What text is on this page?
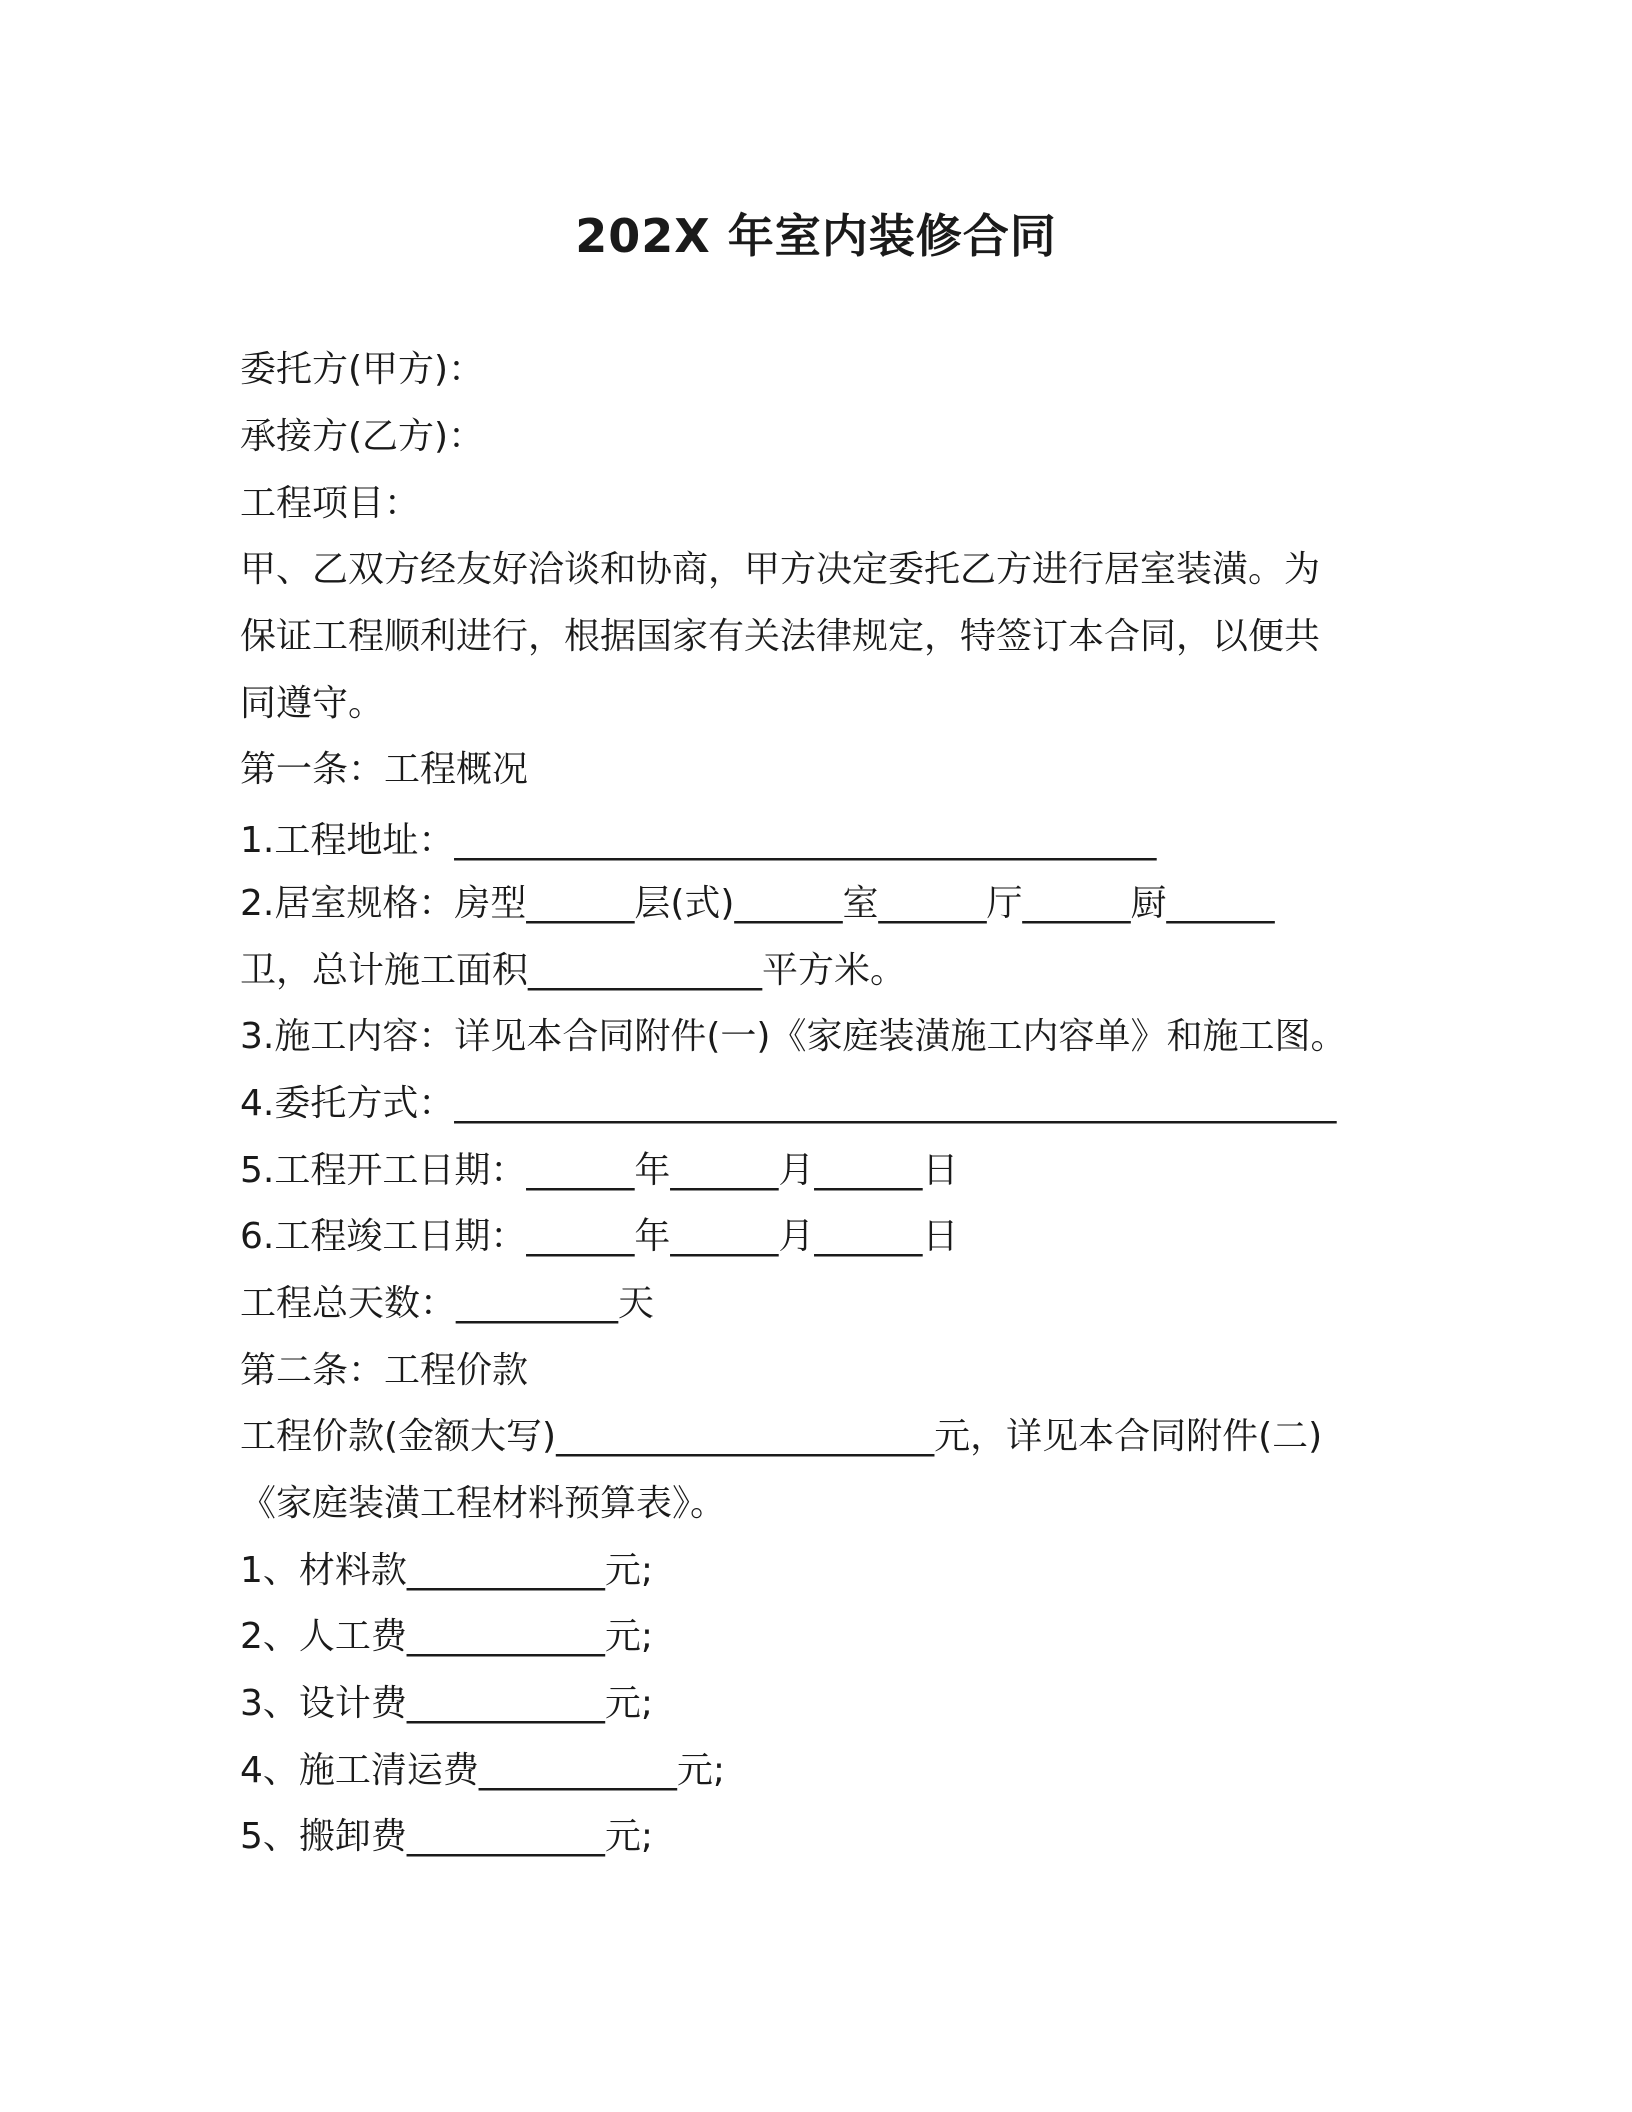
202X 年室内装修合同
委托方(甲方)：
承接方(乙方)：
工程项目：
甲、乙双方经友好洽谈和协商，甲方决定委托乙方进行居室装潢。为
保证工程顺利进行，根据国家有关法律规定，特签订本合同，以便共
同遵守。
第一条：工程概况
1.工程地址：_______________________________________
2.居室规格：房型______层(式)______室______厅______厨______
卫，总计施工面积_____________平方米。
3.施工内容：详见本合同附件(一)《家庭装潢施工内容单》和施工图。
4.委托方式：_________________________________________________
5.工程开工日期：______年______月______日
6.工程竣工日期：______年______月______日
工程总天数：_________天
第二条：工程价款
工程价款(金额大写)_____________________元，详见本合同附件(二)
《家庭装潢工程材料预算表》。
1、材料款___________元;
2、人工费___________元;
3、设计费___________元;
4、施工清运费___________元;
5、搬卸费___________元;
